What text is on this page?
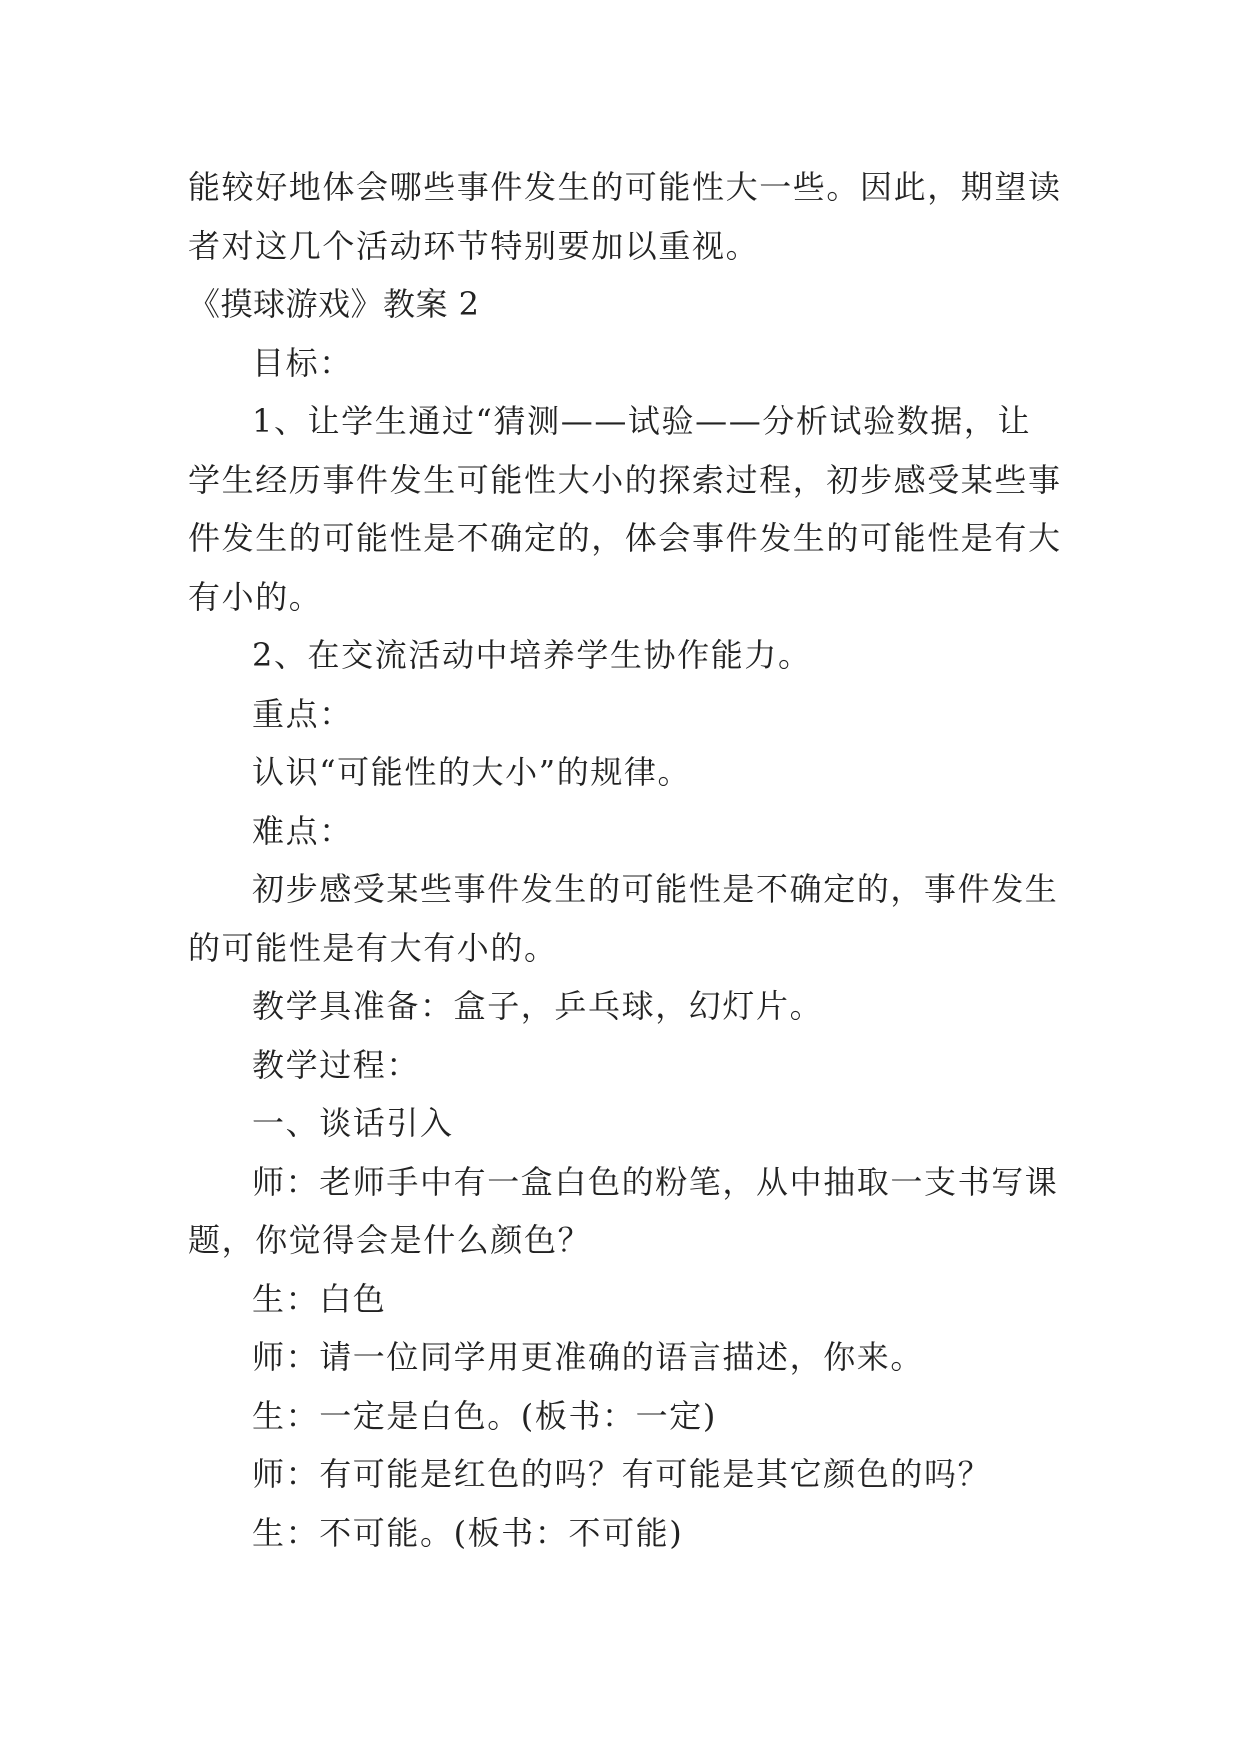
能较好地体会哪些事件发生的可能性大一些。因此，期望读

者对这几个活动环节特别要加以重视。

《摸球游戏》教案 2

目标：

1、让学生通过“猜测——试验——分析试验数据，让

学生经历事件发生可能性大小的探索过程，初步感受某些事

件发生的可能性是不确定的，体会事件发生的可能性是有大

有小的。

2、在交流活动中培养学生协作能力。

重点：

认识“可能性的大小”的规律。

难点：

初步感受某些事件发生的可能性是不确定的，事件发生

的可能性是有大有小的。

教学具准备：盒子，乒乓球，幻灯片。

教学过程：

一、谈话引入

师：老师手中有一盒白色的粉笔，从中抽取一支书写课

题，你觉得会是什么颜色？

生：白色

师：请一位同学用更准确的语言描述，你来。

生：一定是白色。(板书：一定)

师：有可能是红色的吗？有可能是其它颜色的吗？

生：不可能。(板书：不可能)
